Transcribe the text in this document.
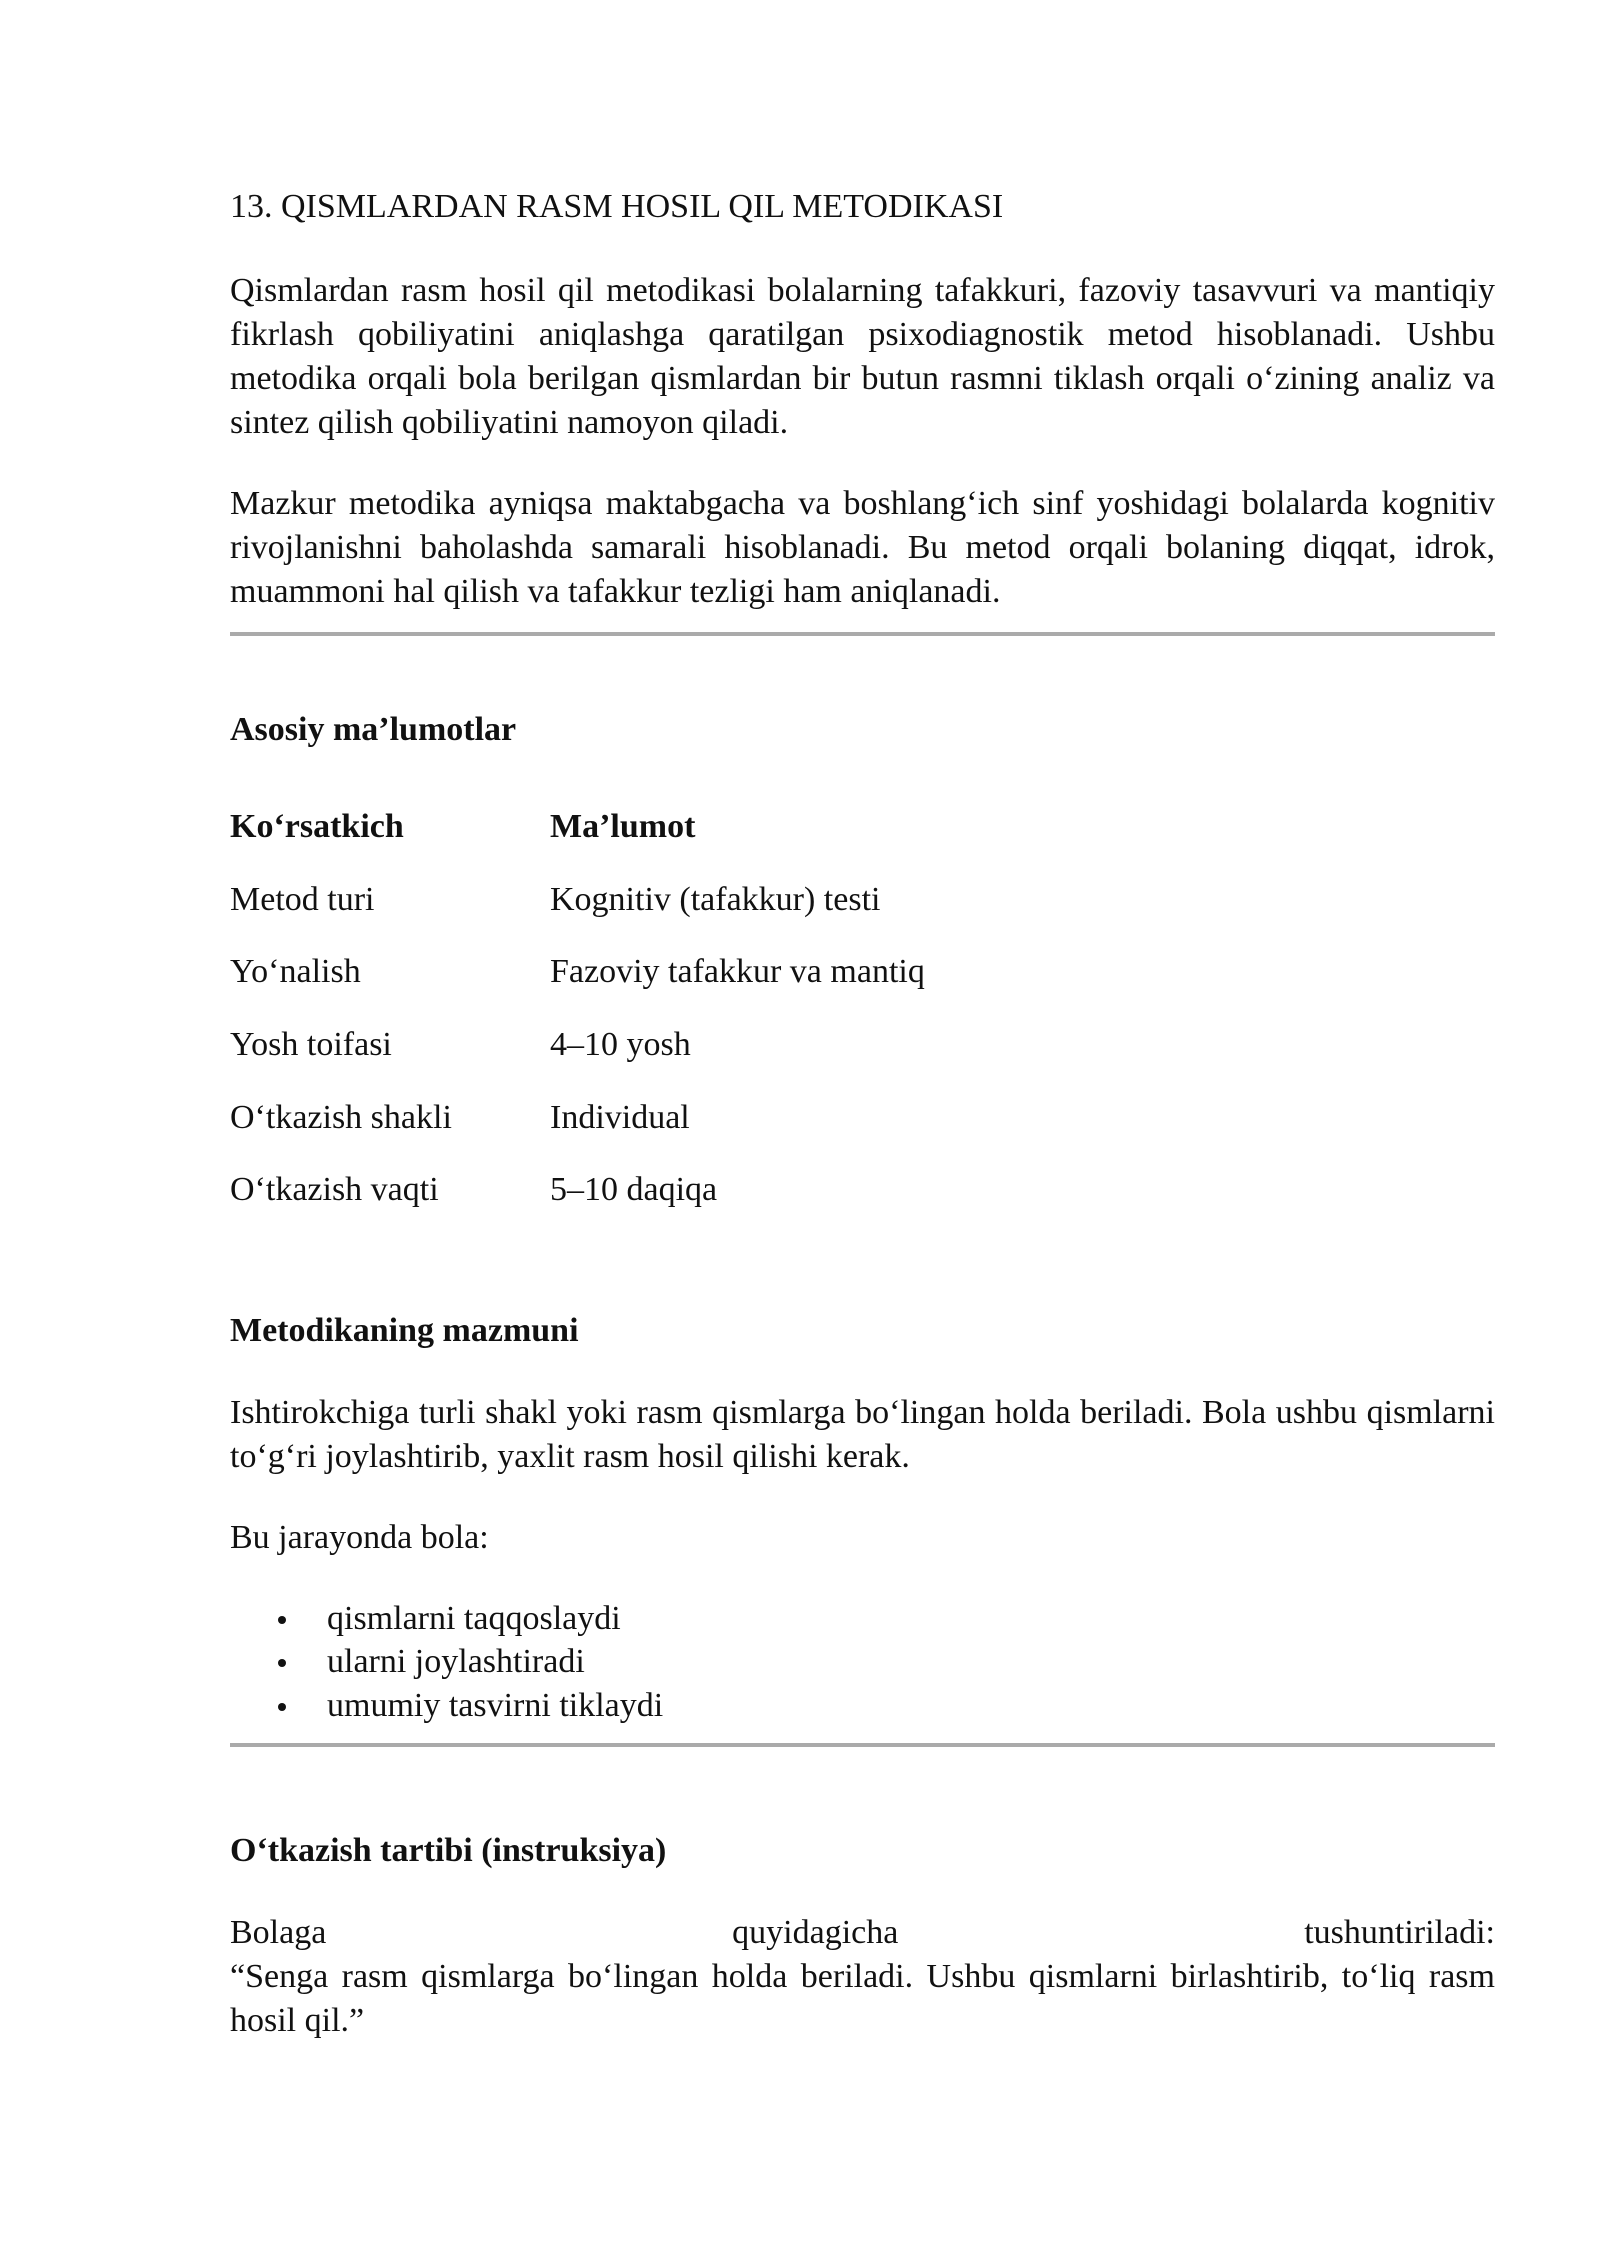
13. QISMLARDAN RASM HOSIL QIL METODIKASI

Qismlardan rasm hosil qil metodikasi bolalarning tafakkuri, fazoviy tasavvuri va mantiqiy fikrlash qobiliyatini aniqlashga qaratilgan psixodiagnostik metod hisoblanadi. Ushbu metodika orqali bola berilgan qismlardan bir butun rasmni tiklash orqali o‘zining analiz va sintez qilish qobiliyatini namoyon qiladi.

Mazkur metodika ayniqsa maktabgacha va boshlang‘ich sinf yoshidagi bolalarda kognitiv rivojlanishni baholashda samarali hisoblanadi. Bu metod orqali bolaning diqqat, idrok, muammoni hal qilish va tafakkur tezligi ham aniqlanadi.

Asosiy ma’lumotlar
Ko‘rsatkich	Ma’lumot
Metod turi	Kognitiv (tafakkur) testi
Yo‘nalish	Fazoviy tafakkur va mantiq
Yosh toifasi	4–10 yosh
O‘tkazish shakli	Individual
O‘tkazish vaqti	5–10 daqiqa
Metodikaning mazmuni

Ishtirokchiga turli shakl yoki rasm qismlarga bo‘lingan holda beriladi. Bola ushbu qismlarni to‘g‘ri joylashtirib, yaxlit rasm hosil qilishi kerak.

Bu jarayonda bola:

qismlarni taqqoslaydi
ularni joylashtiradi
umumiy tasvirni tiklaydi
O‘tkazish tartibi (instruksiya)
Bolaga	quyidagicha	tushuntiriladi:

“Senga rasm qismlarga bo‘lingan holda beriladi. Ushbu qismlarni birlashtirib, to‘liq rasm hosil qil.”
